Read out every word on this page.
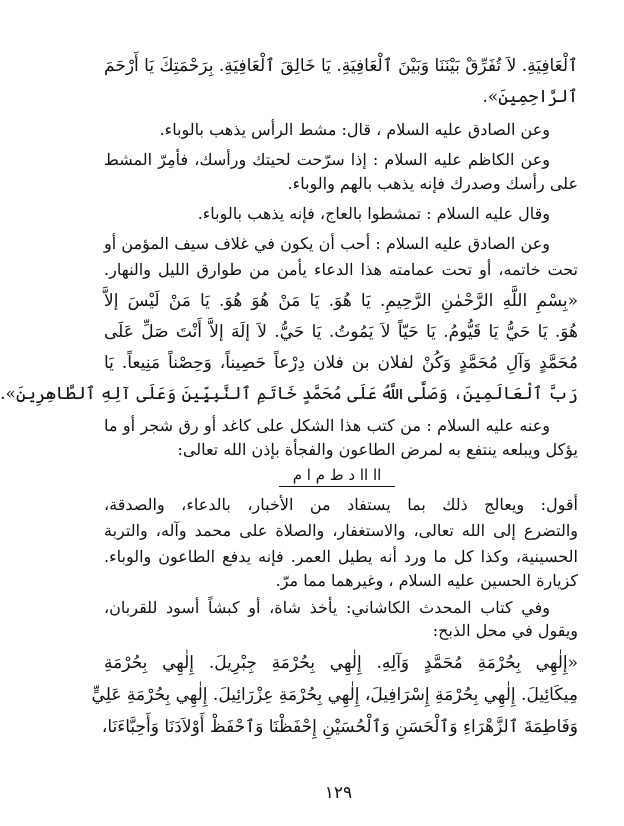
ٱلْعَافِيَةِ. لاَ تُفَرِّقْ بَيْنَنَا وَبَيْنَ ٱلْعَافِيَةِ. يَا خَالِقَ ٱلْعَافِيَةِ. بِرَحْمَتِكَ يَا أَرْحَمَ
ٱلرَّاحِمِينَ».
وعن الصادق عليه السلام ، قال: مشط الرأس يذهب بالوباء.
وعن الكاظم عليه السلام : إذا سرّحت لحيتك ورأسك، فأمِرّ المشط
على رأسك وصدرك فإنه يذهب بالهم والوباء.
وقال عليه السلام : تمشطوا بالعاج، فإنه يذهب بالوباء.
وعن الصادق عليه السلام : أحب أن يكون في غلاف سيف المؤمن أو
تحت خاتمه، أو تحت عمامته هذا الدعاء يأمن من طوارق الليل والنهار.
«بِسْمِ اللَّهِ الرَّحْمٰنِ الرَّحِيمِ. يَا هُوَ. يَا مَنْ هُوَ هُوَ. يَا مَنْ لَيْسَ إلاَّ
هُوَ. يَا حَيُّ يَا قَيُّومُ. يَا حَيّاً لاَ يَمُوتُ. يَا حَيُّ. لاَ إلَهَ إلاَّ أَنْتَ صَلِّ عَلَى
مُحَمَّدٍ وَآلِ مُحَمَّدٍ وَكُنْ لفلان بن فلان دِرْعاً حَصِيناً، وَحِصْناً مَنِيعاً. يَا
رَبَّ ٱلْعَالَمِينَ، وَصَلَّى اللَّهُ عَلَى مُحَمَّدٍ خَاتَمِ ٱلنَّبِيِّينَ وَعَلَى آلِهِ ٱلطَّاهِرِينَ».
وعنه عليه السلام : من كتب هذا الشكل على كاغد أو رق شجر أو ما
يؤكل ويبلعه ينتفع به لمرض الطاعون والفجأة بإذن الله تعالى:
اا اا د ط م ا م
أقول: ويعالج ذلك بما يستفاد من الأخبار، بالدعاء، والصدقة،
والتضرع إلى الله تعالى، والاستغفار، والصلاة على محمد وآله، والتربة
الحسينية، وكذا كل ما ورد أنه يطيل العمر. فإنه يدفع الطاعون والوباء.
كزيارة الحسين عليه السلام ، وغيرهما مما مرّ.
وفي كتاب المحدث الكاشاني: يأخذ شاة، أو كبشاً أسود للقربان،
ويقول في محل الذبح:
«إِلٰهِي بِحُرْمَةِ مُحَمَّدٍ وَآلِهِ. إِلٰهِي بِحُرْمَةِ جِبْرِيلَ. إِلٰهِي بِحُرْمَةِ
مِيكَائِيلَ. إِلٰهِي بِحُرْمَةِ إِسْرَافِيلَ، إِلٰهِي بِحُرْمَةِ عِزْرَائِيلَ. إِلٰهِي بِحُرْمَةِ عَلِيٍّ
وَفَاطِمَةَ ٱلزَّهْرَاءِ وَٱلْحَسَنِ وَٱلْحُسَيْنِ إِحْفَظْنَا وَٱحْفَظْ أَوْلاَدَنَا وَأَحِبَّاءَنَا،
١٢٩
